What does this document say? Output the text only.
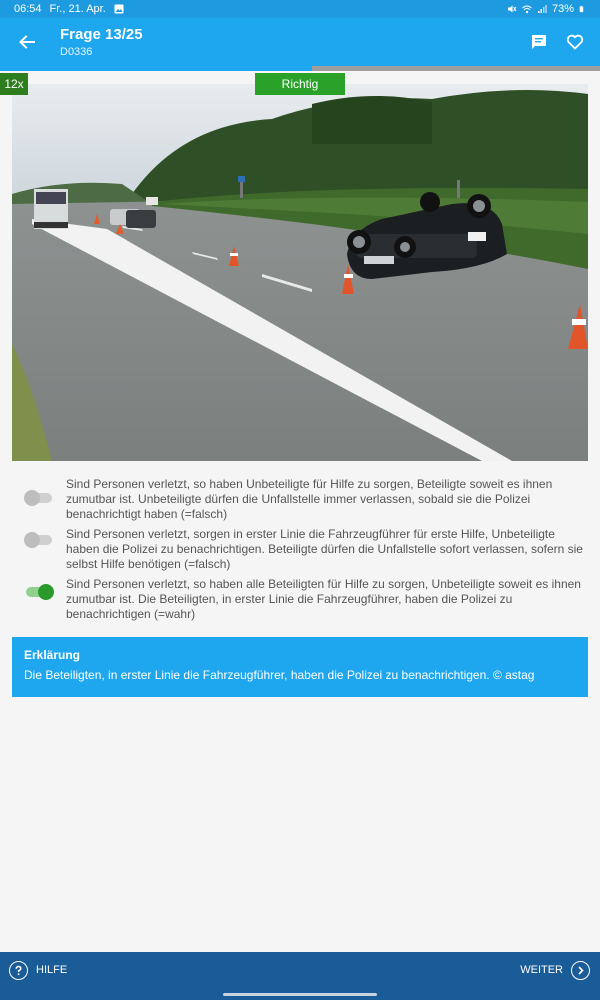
06:54 Fr., 21. Apr.	73%
Frage 13/25
D0336
12x	Richtig
Sind Personen verletzt, so haben Unbeteiligte für Hilfe zu sorgen, Beteiligte soweit es ihnen zumutbar ist. Unbeteiligte dürfen die Unfallstelle immer verlassen, sobald sie die Polizei benachrichtigt haben (=falsch)
Sind Personen verletzt, sorgen in erster Linie die Fahrzeugführer für erste Hilfe, Unbeteiligte haben die Polizei zu benachrichtigen. Beteiligte dürfen die Unfallstelle sofort verlassen, sofern sie selbst Hilfe benötigen (=falsch)
Sind Personen verletzt, so haben alle Beteiligten für Hilfe zu sorgen, Unbeteiligte soweit es ihnen zumutbar ist. Die Beteiligten, in erster Linie die Fahrzeugführer, haben die Polizei zu benachrichtigen (=wahr)
Erklärung
Die Beteiligten, in erster Linie die Fahrzeugführer, haben die Polizei zu benachrichtigen. © astag
HILFE	WEITER
